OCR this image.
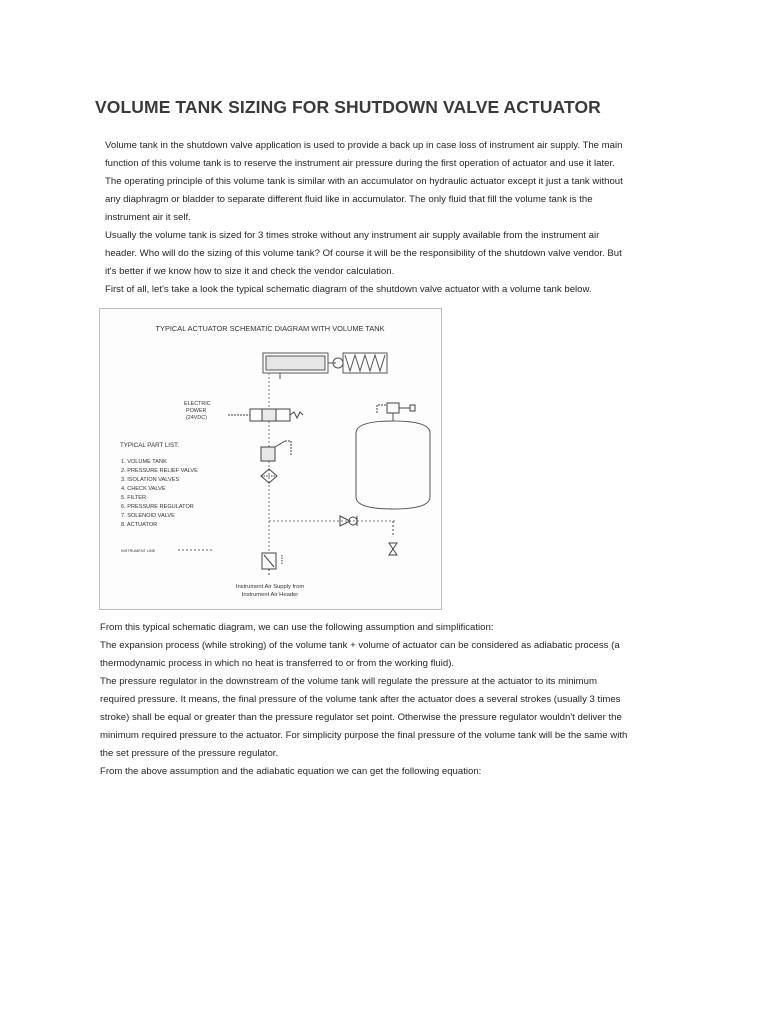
VOLUME TANK SIZING FOR SHUTDOWN VALVE ACTUATOR
Volume tank in the shutdown valve application is used to provide a back up in case loss of instrument air supply. The main
function of this volume tank is to reserve the instrument air pressure during the first operation of actuator and use it later.
The operating principle of this volume tank is similar with an accumulator on hydraulic actuator except it just a tank without
any diaphragm or bladder to separate different fluid like in accumulator. The only fluid that fill the volume tank is the
instrument air it self.
Usually the volume tank is sized for 3 times stroke without any instrument air supply available from the instrument air
header. Who will do the sizing of this volume tank? Of course it will be the responsibility of the shutdown valve vendor. But
it's better if we know how to size it and check the vendor calculation.
First of all, let's take a look the typical schematic diagram of the shutdown valve actuator with a volume tank below.
TYPICAL ACTUATOR SCHEMATIC DIAGRAM WITH VOLUME TANK
ELECTRIC
POWER
(24VDC)
TYPICAL PART LIST:
1. VOLUME TANK
2. PRESSURE RELIEF VALVE
3. ISOLATION VALVES
4. CHECK VALVE
5. FILTER
6. PRESSURE REGULATOR
7. SOLENOID VALVE
8. ACTUATOR
INSTRUMENT LINE
Instrument Air Supply from
Instrument Air Header
From this typical schematic diagram, we can use the following assumption and simplification:
The expansion process (while stroking) of the volume tank + volume of actuator can be considered as adiabatic process (a
thermodynamic process in which no heat is transferred to or from the working fluid).
The pressure regulator in the downstream of the volume tank will regulate the pressure at the actuator to its minimum
required pressure. It means, the final pressure of the volume tank after the actuator does a several strokes (usually 3 times
stroke) shall be equal or greater than the pressure regulator set point. Otherwise the pressure regulator wouldn't deliver the
minimum required pressure to the actuator. For simplicity purpose the final pressure of the volume tank will be the same with
the set pressure of the pressure regulator.
From the above assumption and the adiabatic equation we can get the following equation:
